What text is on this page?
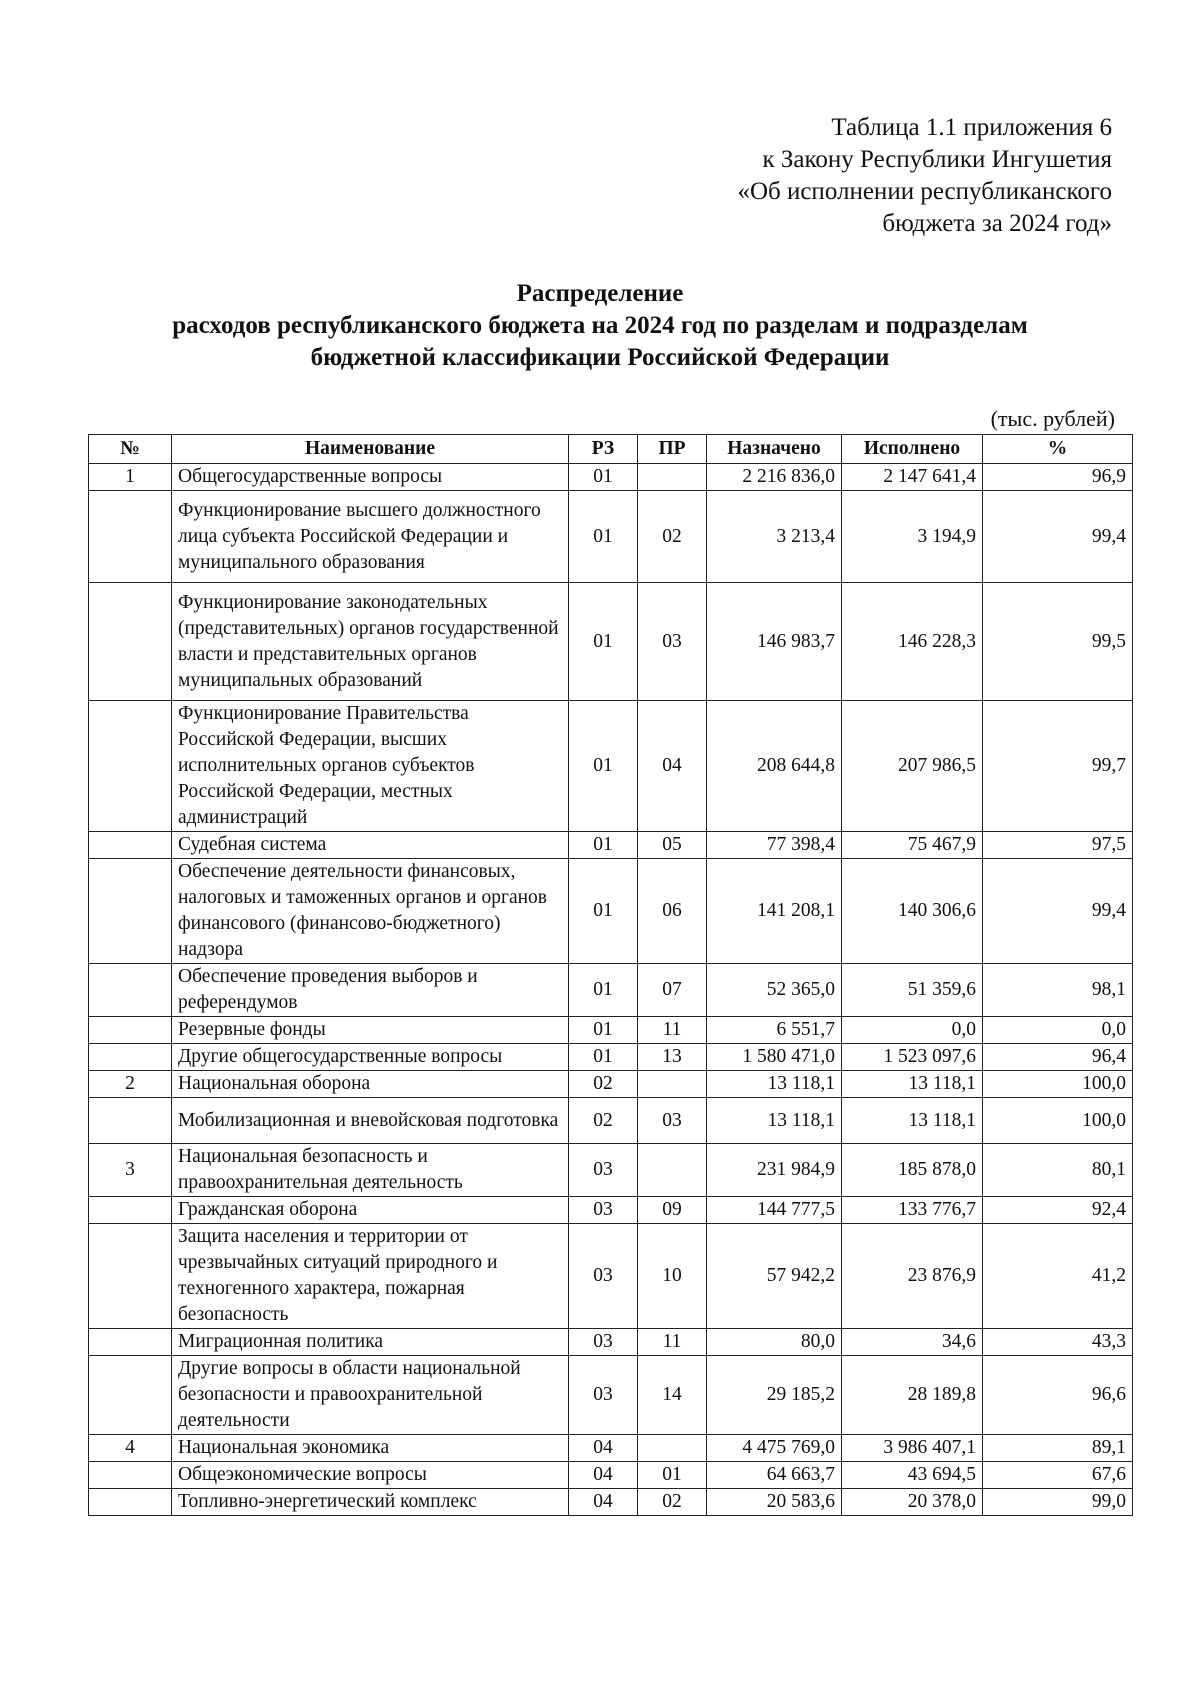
Таблица 1.1 приложения 6
к Закону Республики Ингушетия
«Об исполнении республиканского
бюджета за 2024 год»
Распределение
расходов республиканского бюджета на 2024 год по разделам и подразделам
бюджетной классификации Российской Федерации
(тыс. рублей)
№	Наименование	РЗ	ПР	Назначено	Исполнено	%
1	Общегосударственные вопросы	01		2 216 836,0	2 147 641,4	96,9
	Функционирование высшего должностного лица субъекта Российской Федерации и муниципального образования	01	02	3 213,4	3 194,9	99,4
	Функционирование законодательных (представительных) органов государственной власти и представительных органов муниципальных образований	01	03	146 983,7	146 228,3	99,5
	Функционирование Правительства Российской Федерации, высших исполнительных органов субъектов Российской Федерации, местных администраций	01	04	208 644,8	207 986,5	99,7
	Судебная система	01	05	77 398,4	75 467,9	97,5
	Обеспечение деятельности финансовых, налоговых и таможенных органов и органов финансового (финансово-бюджетного) надзора	01	06	141 208,1	140 306,6	99,4
	Обеспечение проведения выборов и референдумов	01	07	52 365,0	51 359,6	98,1
	Резервные фонды	01	11	6 551,7	0,0	0,0
	Другие общегосударственные вопросы	01	13	1 580 471,0	1 523 097,6	96,4
2	Национальная оборона	02		13 118,1	13 118,1	100,0
	Мобилизационная и вневойсковая подготовка	02	03	13 118,1	13 118,1	100,0
3	Национальная безопасность и правоохранительная деятельность	03		231 984,9	185 878,0	80,1
	Гражданская оборона	03	09	144 777,5	133 776,7	92,4
	Защита населения и территории от чрезвычайных ситуаций природного и техногенного характера, пожарная безопасность	03	10	57 942,2	23 876,9	41,2
	Миграционная политика	03	11	80,0	34,6	43,3
	Другие вопросы в области национальной безопасности и правоохранительной деятельности	03	14	29 185,2	28 189,8	96,6
4	Национальная экономика	04		4 475 769,0	3 986 407,1	89,1
	Общеэкономические вопросы	04	01	64 663,7	43 694,5	67,6
	Топливно-энергетический комплекс	04	02	20 583,6	20 378,0	99,0
